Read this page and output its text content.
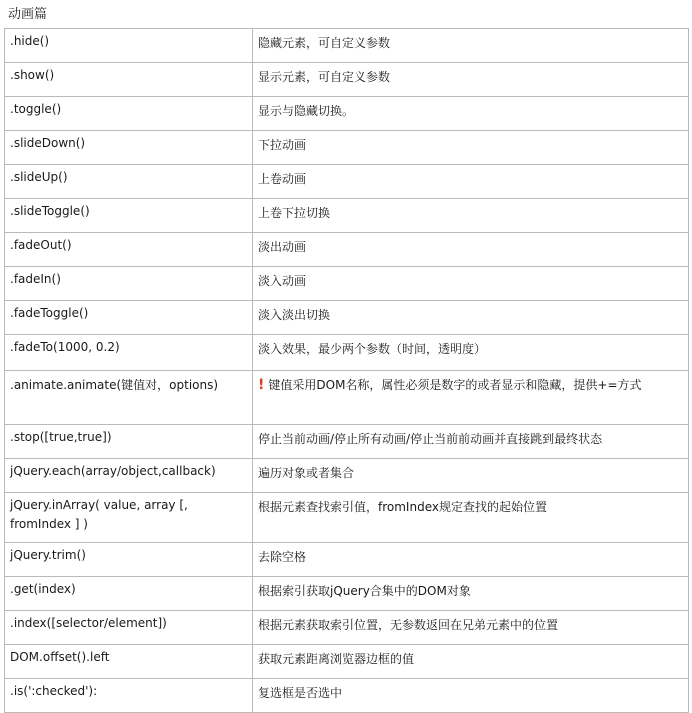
动画篇
.hide()	隐藏元素，可自定义参数
.show()	显示元素，可自定义参数
.toggle()	显示与隐藏切换。
.slideDown()	下拉动画
.slideUp()	上卷动画
.slideToggle()	上卷下拉切换
.fadeOut()	淡出动画
.fadeIn()	淡入动画
.fadeToggle()	淡入淡出切换
.fadeTo(1000, 0.2)	淡入效果，最少两个参数（时间，透明度）
.animate.animate(键值对，options)	! 键值采用DOM名称，属性必须是数字的或者显示和隐藏，提供+=方式
.stop([true,true])	停止当前动画/停止所有动画/停止当前前动画并直接跳到最终状态
jQuery.each(array/object,callback)	遍历对象或者集合
jQuery.inArray( value, array [, fromIndex ] )	根据元素查找索引值，fromIndex规定查找的起始位置
jQuery.trim()	去除空格
.get(index)	根据索引获取jQuery合集中的DOM对象
.index([selector/element])	根据元素获取索引位置，无参数返回在兄弟元素中的位置
DOM.offset().left	获取元素距离浏览器边框的值
.is(':checked'):	复选框是否选中
